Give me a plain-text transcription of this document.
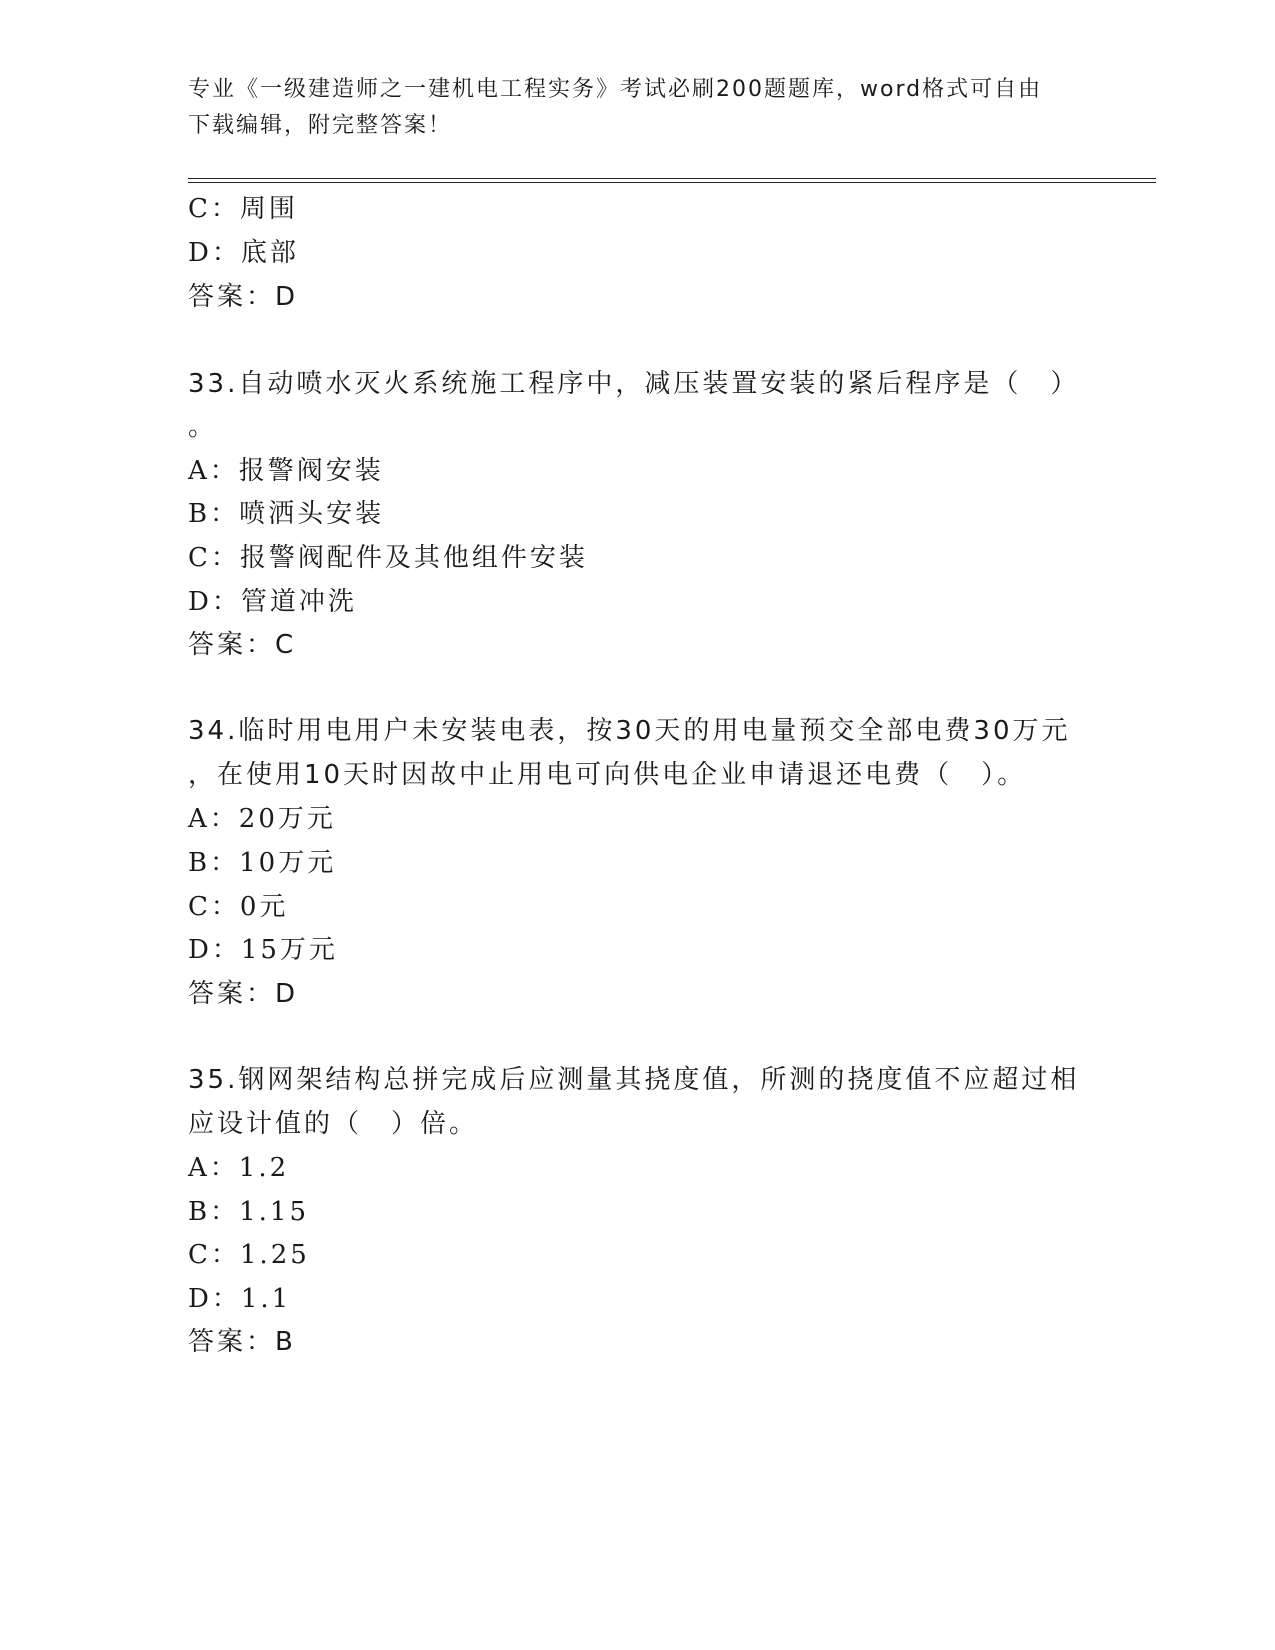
专业《一级建造师之一建机电工程实务》考试必刷200题题库，word格式可自由
下载编辑，附完整答案！
C：周围
D：底部
答案：D
33.自动喷水灭火系统施工程序中，减压装置安装的紧后程序是（　）
。
A：报警阀安装
B：喷洒头安装
C：报警阀配件及其他组件安装
D：管道冲洗
答案：C
34.临时用电用户未安装电表，按30天的用电量预交全部电费30万元
，在使用10天时因故中止用电可向供电企业申请退还电费（　）。
A：20万元
B：10万元
C：0元
D：15万元
答案：D
35.钢网架结构总拼完成后应测量其挠度值，所测的挠度值不应超过相
应设计值的（　）倍。
A：1.2
B：1.15
C：1.25
D：1.1
答案：B
